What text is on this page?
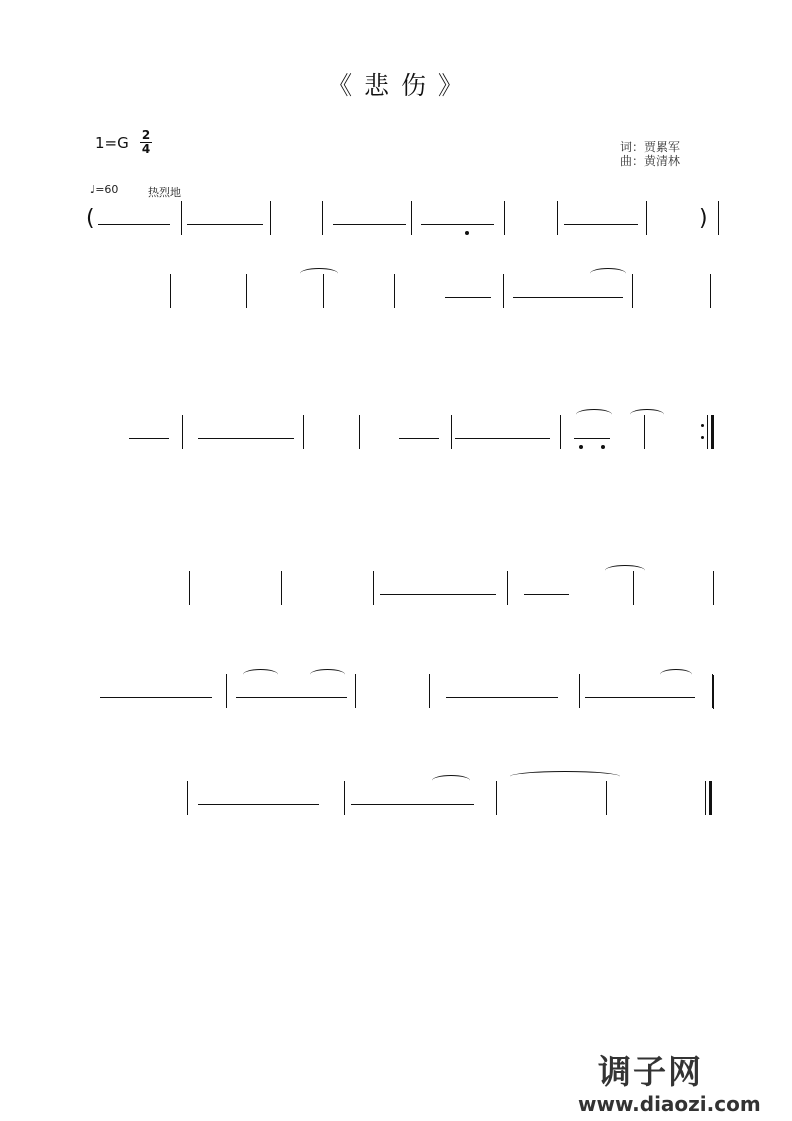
《 悲 伤 》
1=G 2
4	词：贾累军
曲：黄清林
♩=60	热烈地
(	)
调子网
www.diaozi.com
